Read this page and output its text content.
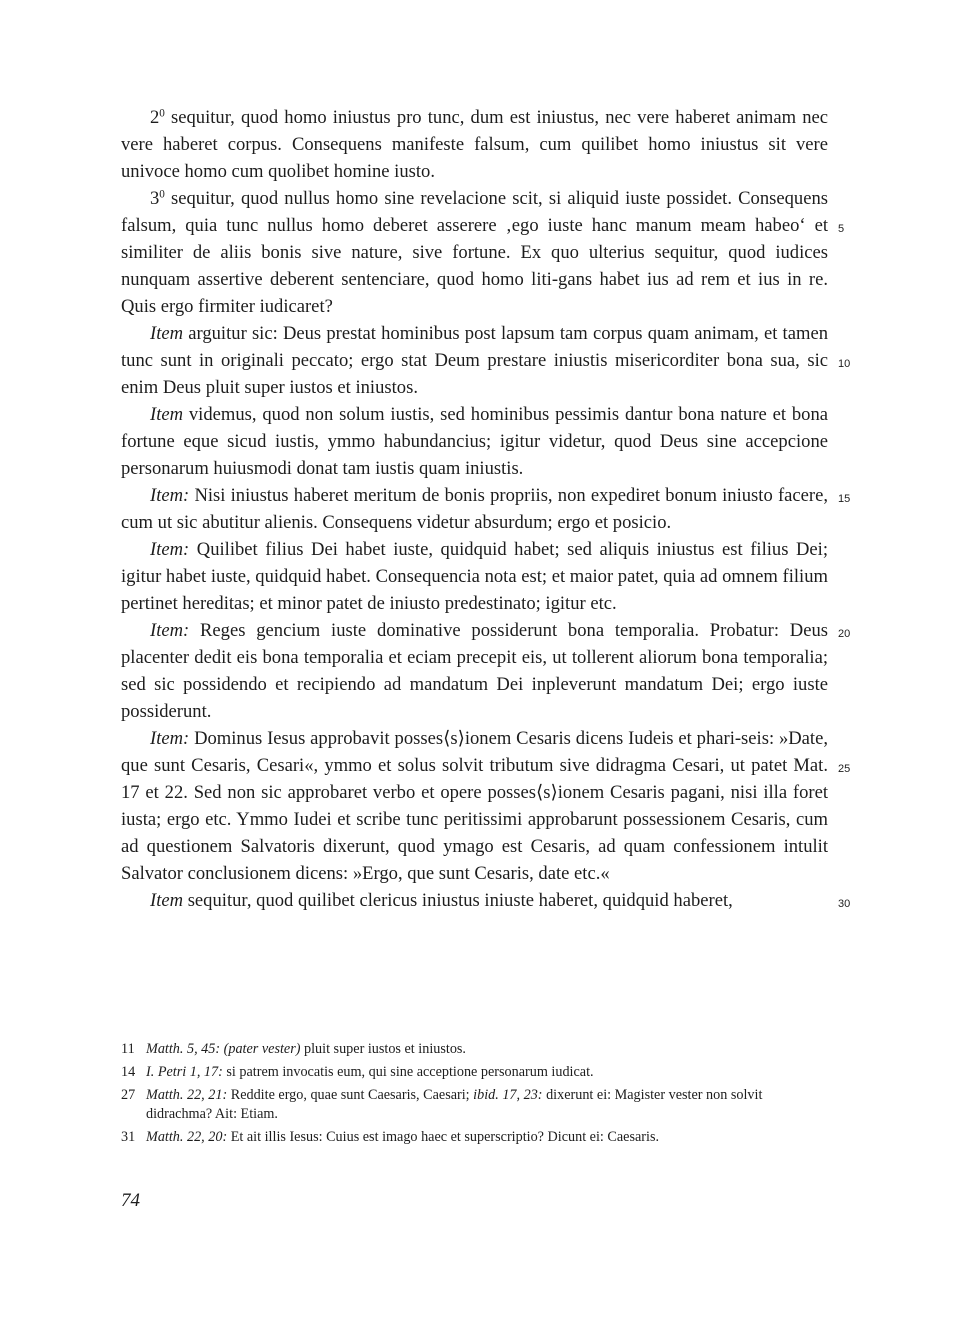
$2^0$ sequitur, quod homo iniustus pro tunc, dum est iniustus, nec vere haberet animam nec vere haberet corpus. Consequens manifeste falsum, cum quilibet homo iniustus sit vere univoce homo cum quolibet homine iusto.

$3^0$ sequitur, quod nullus homo sine revelacione scit, si aliquid iuste possidet. Consequens falsum, quia tunc nullus homo deberet asserere ‚ego iuste hanc manum meam habeo‘ et similiter de aliis bonis sive nature, sive fortune. Ex quo ulterius sequitur, quod iudices nunquam assertive deberent sentenciare, quod homo liti-gans habet ius ad rem et ius in re. Quis ergo firmiter iudicaret?

Item arguitur sic: Deus prestat hominibus post lapsum tam corpus quam animam, et tamen tunc sunt in originali peccato; ergo stat Deum prestare iniustis misericorditer bona sua, sic enim Deus pluit super iustos et iniustos.

Item videmus, quod non solum iustis, sed hominibus pessimis dantur bona nature et bona fortune eque sicud iustis, ymmo habundancius; igitur videtur, quod Deus sine accepcione personarum huiusmodi donat tam iustis quam iniustis.

Item: Nisi iniustus haberet meritum de bonis propriis, non expediret bonum iniusto facere, cum ut sic abutitur alienis. Consequens videtur absurdum; ergo et posicio.

Item: Quilibet filius Dei habet iuste, quidquid habet; sed aliquis iniustus est filius Dei; igitur habet iuste, quidquid habet. Consequencia nota est; et maior patet, quia ad omnem filium pertinet hereditas; et minor patet de iniusto predestinato; igitur etc.

Item: Reges gencium iuste dominative possiderunt bona temporalia. Probatur: Deus placenter dedit eis bona temporalia et eciam precepit eis, ut tollerent aliorum bona temporalia; sed sic possidendo et recipiendo ad mandatum Dei inpleverunt mandatum Dei; ergo iuste possiderunt.

Item: Dominus Iesus approbavit posses⟨s⟩ionem Cesaris dicens Iudeis et phari-seis: »Date, que sunt Cesaris, Cesari«, ymmo et solus solvit tributum sive didragma Cesari, ut patet Mat. 17 et 22. Sed non sic approbaret verbo et opere posses⟨s⟩ionem Cesaris pagani, nisi illa foret iusta; ergo etc. Ymmo Iudei et scribe tunc peritissimi approbarunt possessionem Cesaris, cum ad questionem Salvatoris dixerunt, quod ymago est Cesaris, ad quam confessionem intulit Salvator conclusionem dicens: »Ergo, que sunt Cesaris, date etc.«

Item sequitur, quod quilibet clericus iniustus iniuste haberet, quidquid haberet,

5
10
15
20
25
30
11 Matth. 5, 45: (pater vester) pluit super iustos et iniustos.
14 I. Petri 1, 17: si patrem invocatis eum, qui sine acceptione personarum iudicat.
27 Matth. 22, 21: Reddite ergo, quae sunt Caesaris, Caesari; ibid. 17, 23: dixerunt ei: Magister vester non solvit didrachma? Ait: Etiam.
31 Matth. 22, 20: Et ait illis Iesus: Cuius est imago haec et superscriptio? Dicunt ei: Caesaris.
74
